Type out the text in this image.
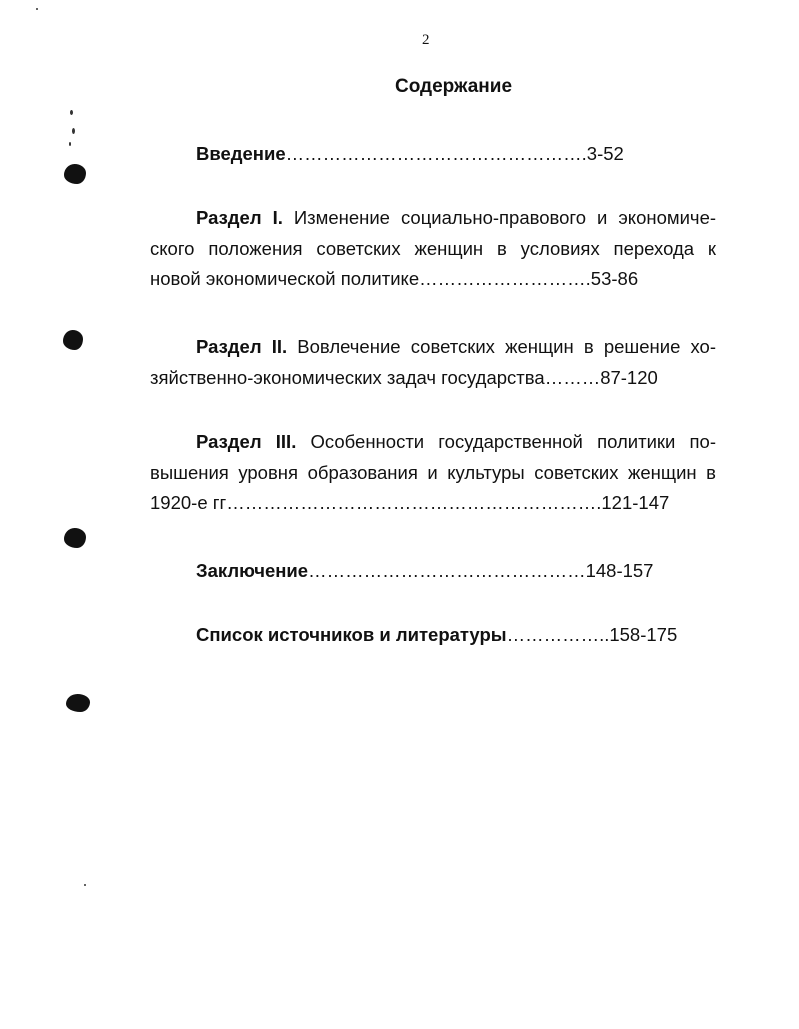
2
Содержание
Введение………………………………………….3-52
Раздел I. Изменение социально-правового и экономиче-
ского положения советских женщин в условиях перехода к
новой экономической политике……………………….53-86
Раздел II. Вовлечение советских женщин в решение хо-
зяйственно-экономических задач государства………87-120
Раздел III. Особенности государственной политики по-
вышения уровня образования и культуры советских женщин в
1920-е гг…………………………………………………….121-147
Заключение………………………………………148-157
Список источников и литературы……………..158-175
